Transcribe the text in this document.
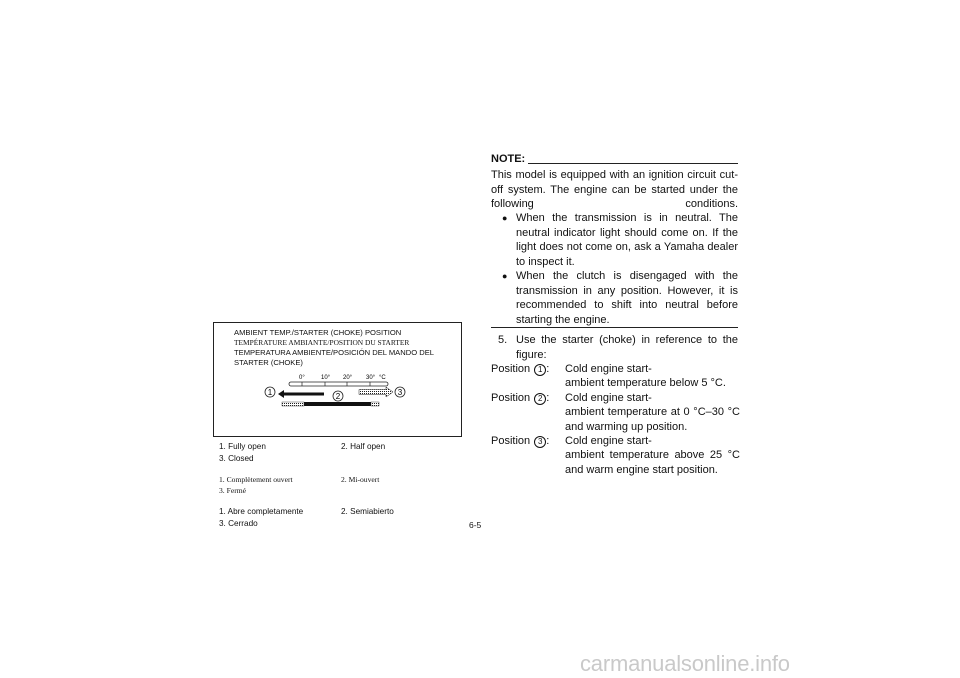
AMBIENT TEMP./STARTER (CHOKE) POSITION
TEMPÉRATURE AMBIANTE/POSITION DU STARTER
TEMPERATURA AMBIENTE/POSICIÓN DEL MANDO DEL
STARTER (CHOKE)
0°	10° 20° 30° °C
1	2	3
1. Fully open	2. Half open
3. Closed
1. Complètement ouvert	2. Mi-ouvert
3. Fermé
1. Abre completamente	2. Semiabierto
3. Cerrado	6-5
NOTE:
This model is equipped with an ignition circuit cut-off system. The engine can be started under the following conditions.
● When the transmission is in neutral. The neutral indicator light should come on. If the light does not come on, ask a Yamaha dealer to inspect it.
● When the clutch is disengaged with the transmission in any position. However, it is recommended to shift into neutral before starting the engine.
5. Use the starter (choke) in reference to the figure:
Position 1 : Cold engine start-
ambient temperature below 5 °C.
Position 2 : Cold engine start-
ambient temperature at 0 °C–30 °C and warming up position.
Position 3 : Cold engine start-
ambient temperature above 25 °C and warm engine start position.
carmanualsonline.info
